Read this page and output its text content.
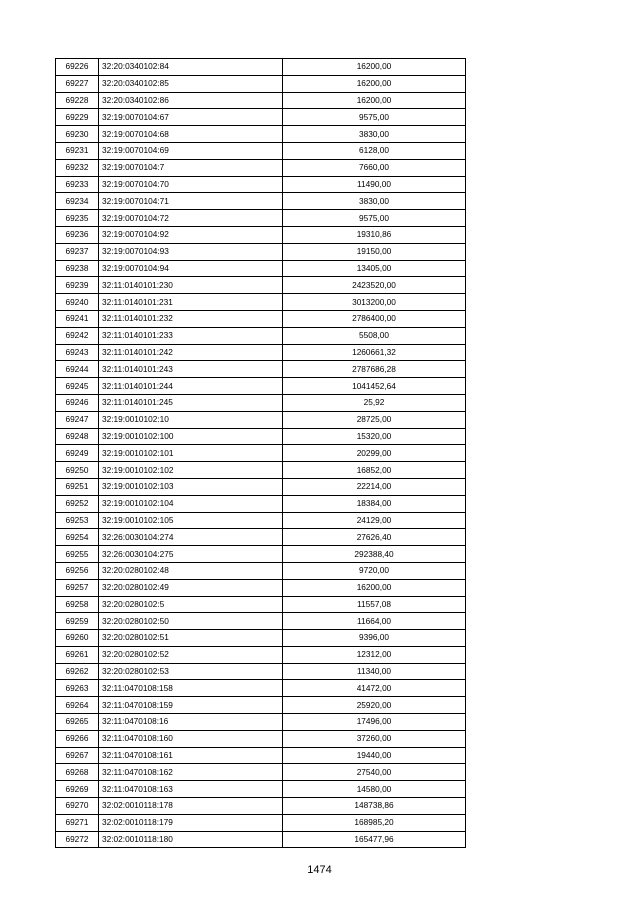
69226	32:20:0340102:84	16200,00
69227	32:20:0340102:85	16200,00
69228	32:20:0340102:86	16200,00
69229	32:19:0070104:67	9575,00
69230	32:19:0070104:68	3830,00
69231	32:19:0070104:69	6128,00
69232	32:19:0070104:7	7660,00
69233	32:19:0070104:70	11490,00
69234	32:19:0070104:71	3830,00
69235	32:19:0070104:72	9575,00
69236	32:19:0070104:92	19310,86
69237	32:19:0070104:93	19150,00
69238	32:19:0070104:94	13405,00
69239	32:11:0140101:230	2423520,00
69240	32:11:0140101:231	3013200,00
69241	32:11:0140101:232	2786400,00
69242	32:11:0140101:233	5508,00
69243	32:11:0140101:242	1260661,32
69244	32:11:0140101:243	2787686,28
69245	32:11:0140101:244	1041452,64
69246	32:11:0140101:245	25,92
69247	32:19:0010102:10	28725,00
69248	32:19:0010102:100	15320,00
69249	32:19:0010102:101	20299,00
69250	32:19:0010102:102	16852,00
69251	32:19:0010102:103	22214,00
69252	32:19:0010102:104	18384,00
69253	32:19:0010102:105	24129,00
69254	32:26:0030104:274	27626,40
69255	32:26:0030104:275	292388,40
69256	32:20:0280102:48	9720,00
69257	32:20:0280102:49	16200,00
69258	32:20:0280102:5	11557,08
69259	32:20:0280102:50	11664,00
69260	32:20:0280102:51	9396,00
69261	32:20:0280102:52	12312,00
69262	32:20:0280102:53	11340,00
69263	32:11:0470108:158	41472,00
69264	32:11:0470108:159	25920,00
69265	32:11:0470108:16	17496,00
69266	32:11:0470108:160	37260,00
69267	32:11:0470108:161	19440,00
69268	32:11:0470108:162	27540,00
69269	32:11:0470108:163	14580,00
69270	32:02:0010118:178	148738,86
69271	32:02:0010118:179	168985,20
69272	32:02:0010118:180	165477,96
1474
